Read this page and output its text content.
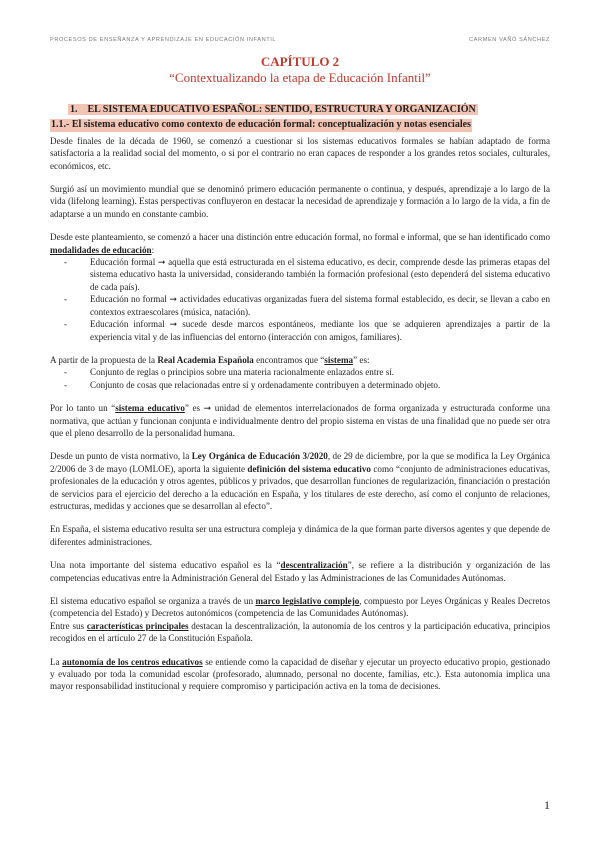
PROCESOS DE ENSEÑANZA Y APRENDIZAJE EN EDUCACIÓN INFANTIL	CARMEN VAÑÓ SÁNCHEZ
CAPÍTULO 2
“Contextualizando la etapa de Educación Infantil”
1. EL SISTEMA EDUCATIVO ESPAÑOL: SENTIDO, ESTRUCTURA Y ORGANIZACIÓN
1.1.- El sistema educativo como contexto de educación formal: conceptualización y notas esenciales

Desde finales de la década de 1960, se comenzó a cuestionar si los sistemas educativos formales se habían adaptado de forma satisfactoria a la realidad social del momento, o si por el contrario no eran capaces de responder a los grandes retos sociales, culturales, económicos, etc.

Surgió así un movimiento mundial que se denominó primero educación permanente o continua, y después, aprendizaje a lo largo de la vida (lifelong learning). Estas perspectivas confluyeron en destacar la necesidad de aprendizaje y formación a lo largo de la vida, a fin de adaptarse a un mundo en constante cambio.

Desde este planteamiento, se comenzó a hacer una distinción entre educación formal, no formal e informal, que se han identificado como modalidades de educación:

- Educación formal ➞ aquella que está estructurada en el sistema educativo, es decir, comprende desde las primeras etapas del sistema educativo hasta la universidad, considerando también la formación profesional (esto dependerá del sistema educativo de cada país).
- Educación no formal ➞ actividades educativas organizadas fuera del sistema formal establecido, es decir, se llevan a cabo en contextos extraescolares (música, natación).
- Educación informal ➞ sucede desde marcos espontáneos, mediante los que se adquieren aprendizajes a partir de la experiencia vital y de las influencias del entorno (interacción con amigos, familiares).

A partir de la propuesta de la Real Academia Española encontramos que “sistema” es:

- Conjunto de reglas o principios sobre una materia racionalmente enlazados entre sí.
- Conjunto de cosas que relacionadas entre sí y ordenadamente contribuyen a determinado objeto.

Por lo tanto un “sistema educativo” es ➞ unidad de elementos interrelacionados de forma organizada y estructurada conforme una normativa, que actúan y funcionan conjunta e individualmente dentro del propio sistema en vistas de una finalidad que no puede ser otra que el pleno desarrollo de la personalidad humana.

Desde un punto de vista normativo, la Ley Orgánica de Educación 3/2020, de 29 de diciembre, por la que se modifica la Ley Orgánica 2/2006 de 3 de mayo (LOMLOE), aporta la siguiente definición del sistema educativo como “conjunto de administraciones educativas, profesionales de la educación y otros agentes, públicos y privados, que desarrollan funciones de regularización, financiación o prestación de servicios para el ejercicio del derecho a la educación en España, y los titulares de este derecho, así como el conjunto de relaciones, estructuras, medidas y acciones que se desarrollan al efecto”.

En España, el sistema educativo resulta ser una estructura compleja y dinámica de la que forman parte diversos agentes y que depende de diferentes administraciones.

Una nota importante del sistema educativo español es la “descentralización”, se refiere a la distribución y organización de las competencias educativas entre la Administración General del Estado y las Administraciones de las Comunidades Autónomas.

El sistema educativo español se organiza a través de un marco legislativo complejo, compuesto por Leyes Orgánicas y Reales Decretos (competencia del Estado) y Decretos autonómicos (competencia de las Comunidades Autónomas).

Entre sus características principales destacan la descentralización, la autonomía de los centros y la participación educativa, principios recogidos en el artículo 27 de la Constitución Española.

La autonomía de los centros educativos se entiende como la capacidad de diseñar y ejecutar un proyecto educativo propio, gestionado y evaluado por toda la comunidad escolar (profesorado, alumnado, personal no docente, familias, etc.). Esta autonomía implica una mayor responsabilidad institucional y requiere compromiso y participación activa en la toma de decisiones.

1
